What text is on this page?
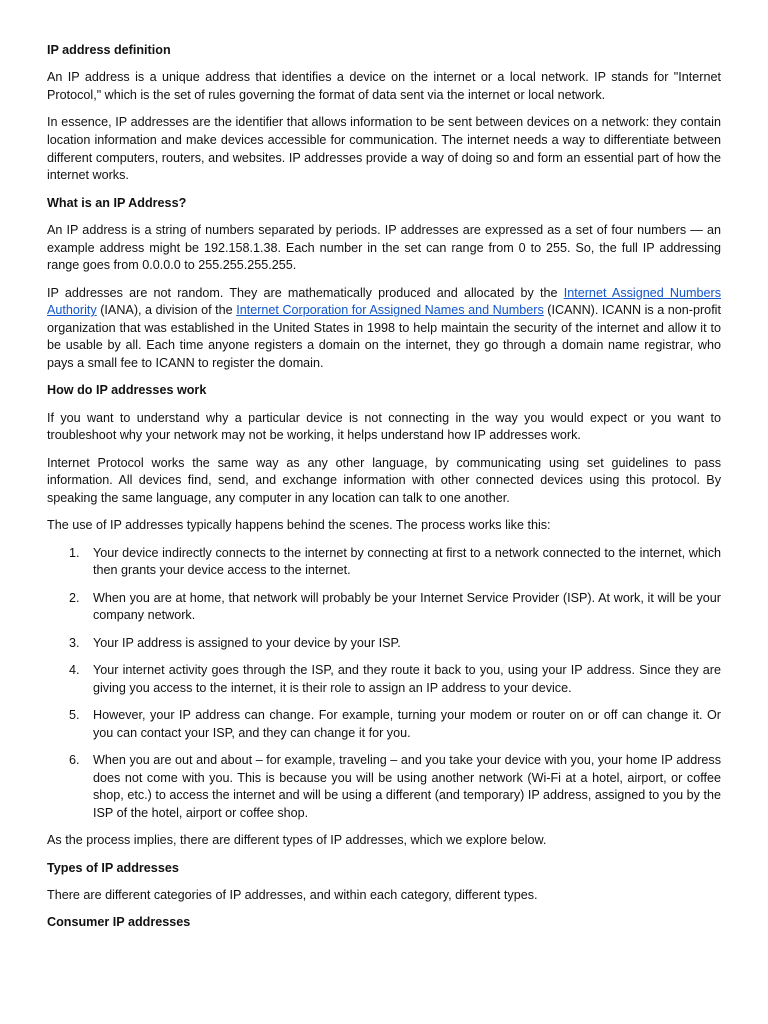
IP address definition

An IP address is a unique address that identifies a device on the internet or a local network. IP stands for "Internet Protocol," which is the set of rules governing the format of data sent via the internet or local network.

In essence, IP addresses are the identifier that allows information to be sent between devices on a network: they contain location information and make devices accessible for communication. The internet needs a way to differentiate between different computers, routers, and websites. IP addresses provide a way of doing so and form an essential part of how the internet works.

What is an IP Address?

An IP address is a string of numbers separated by periods. IP addresses are expressed as a set of four numbers — an example address might be 192.158.1.38. Each number in the set can range from 0 to 255. So, the full IP addressing range goes from 0.0.0.0 to 255.255.255.255.

IP addresses are not random. They are mathematically produced and allocated by the Internet Assigned Numbers Authority (IANA), a division of the Internet Corporation for Assigned Names and Numbers (ICANN). ICANN is a non-profit organization that was established in the United States in 1998 to help maintain the security of the internet and allow it to be usable by all. Each time anyone registers a domain on the internet, they go through a domain name registrar, who pays a small fee to ICANN to register the domain.

How do IP addresses work

If you want to understand why a particular device is not connecting in the way you would expect or you want to troubleshoot why your network may not be working, it helps understand how IP addresses work.

Internet Protocol works the same way as any other language, by communicating using set guidelines to pass information. All devices find, send, and exchange information with other connected devices using this protocol. By speaking the same language, any computer in any location can talk to one another.

The use of IP addresses typically happens behind the scenes. The process works like this:

1.	Your device indirectly connects to the internet by connecting at first to a network connected to the internet, which then grants your device access to the internet.
2.	When you are at home, that network will probably be your Internet Service Provider (ISP). At work, it will be your company network.
3.	Your IP address is assigned to your device by your ISP.
4.	Your internet activity goes through the ISP, and they route it back to you, using your IP address. Since they are giving you access to the internet, it is their role to assign an IP address to your device.
5.	However, your IP address can change. For example, turning your modem or router on or off can change it. Or you can contact your ISP, and they can change it for you.
6.	When you are out and about – for example, traveling – and you take your device with you, your home IP address does not come with you. This is because you will be using another network (Wi-Fi at a hotel, airport, or coffee shop, etc.) to access the internet and will be using a different (and temporary) IP address, assigned to you by the ISP of the hotel, airport or coffee shop.

As the process implies, there are different types of IP addresses, which we explore below.

Types of IP addresses

There are different categories of IP addresses, and within each category, different types.

Consumer IP addresses
